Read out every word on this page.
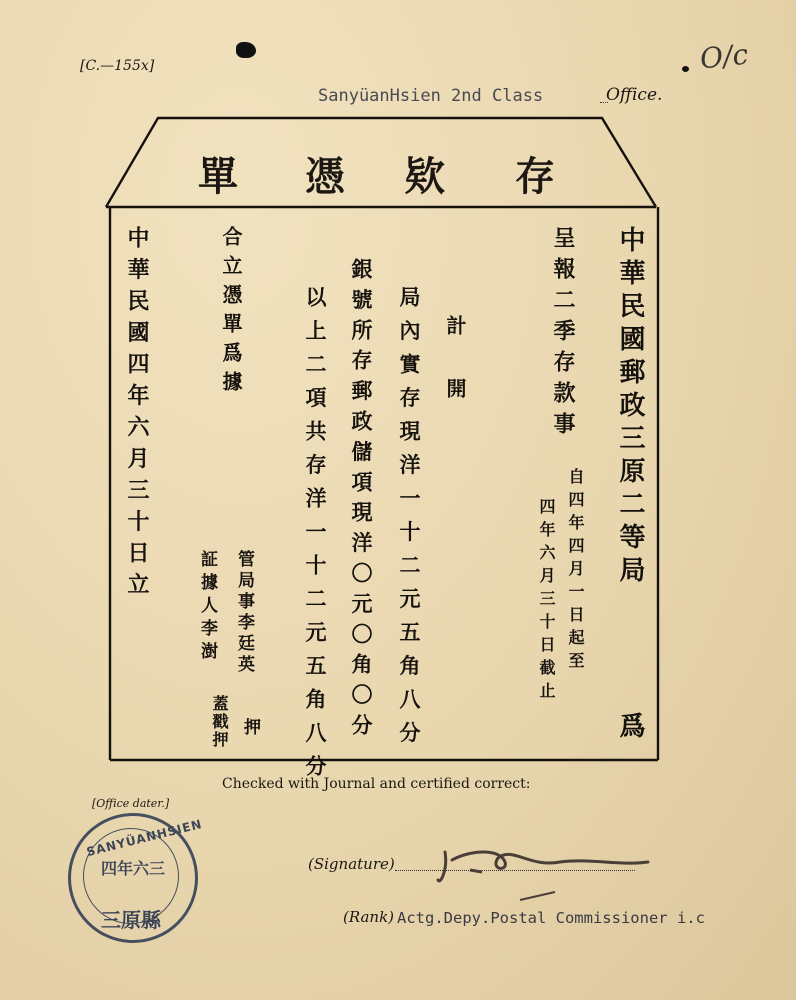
[C.—155x]
SanyüanHsien 2nd Class	Office.
O/c
存
欵
憑
單
中華民國郵政三原二等局
爲
呈報二季存款事
自四年四月一日起至
四年六月三十日截止
計
開
局內實存現洋一十二元五角八分
銀號所存郵政儲項現洋〇元〇角〇分
以上二項共存洋一十二元五角八分
合立憑單爲據
管局事李廷英
押
証據人李澍
蓋戳押
中華民國四年六月三十日立
Checked with Journal and certified correct:
[Office dater.]
SANYÜANHSIEN
四年六三
三原縣
(Signature)
(Rank) Actg.Depy.Postal Commissioner i.c
